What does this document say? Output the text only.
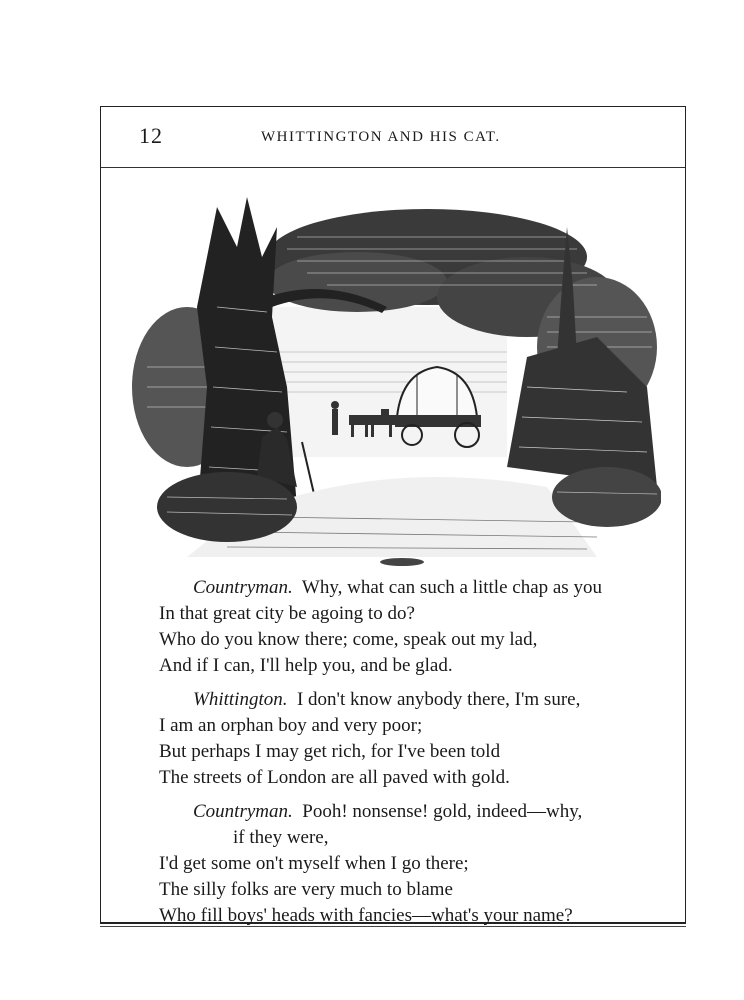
12	WHITTINGTON AND HIS CAT.
Countryman. Why, what can such a little chap as you
In that great city be agoing to do?
Who do you know there; come, speak out my lad,
And if I can, I'll help you, and be glad.
Whittington. I don't know anybody there, I'm sure,
I am an orphan boy and very poor;
But perhaps I may get rich, for I've been told
The streets of London are all paved with gold.
Countryman. Pooh! nonsense! gold, indeed—why,
if they were,
I'd get some on't myself when I go there;
The silly folks are very much to blame
Who fill boys' heads with fancies—what's your name?
